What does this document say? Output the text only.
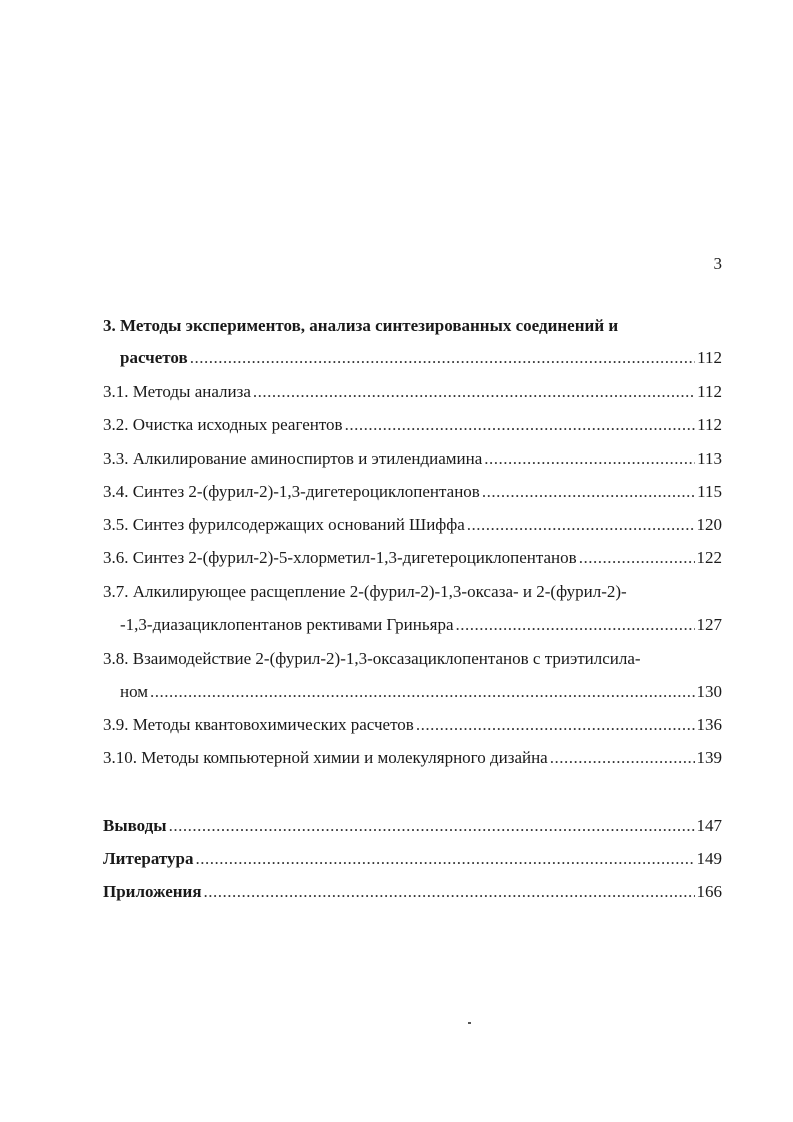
3
3. Методы экспериментов, анализа синтезированных соединений и
расчетов .....	112
3.1. Методы анализа .....	112
3.2. Очистка исходных реагентов .....	112
3.3. Алкилирование аминоспиртов и этилендиамина .....	113
3.4. Синтез 2-(фурил-2)-1,3-дигетероциклопентанов .....	115
3.5. Синтез фурилсодержащих оснований Шиффа .....	120
3.6. Синтез 2-(фурил-2)-5-хлорметил-1,3-дигетероциклопентанов .....	122
3.7. Алкилирующее расщепление 2-(фурил-2)-1,3-оксаза- и 2-(фурил-2)-
-1,3-диазациклопентанов рективами Гриньяра .....	127
3.8. Взаимодействие 2-(фурил-2)-1,3-оксазациклопентанов с триэтилсила-
ном .....	130
3.9. Методы квантовохимических расчетов .....	136
3.10. Методы компьютерной химии и молекулярного дизайна .....	139
Выводы .....	147
Литература .....	149
Приложения .....	166
